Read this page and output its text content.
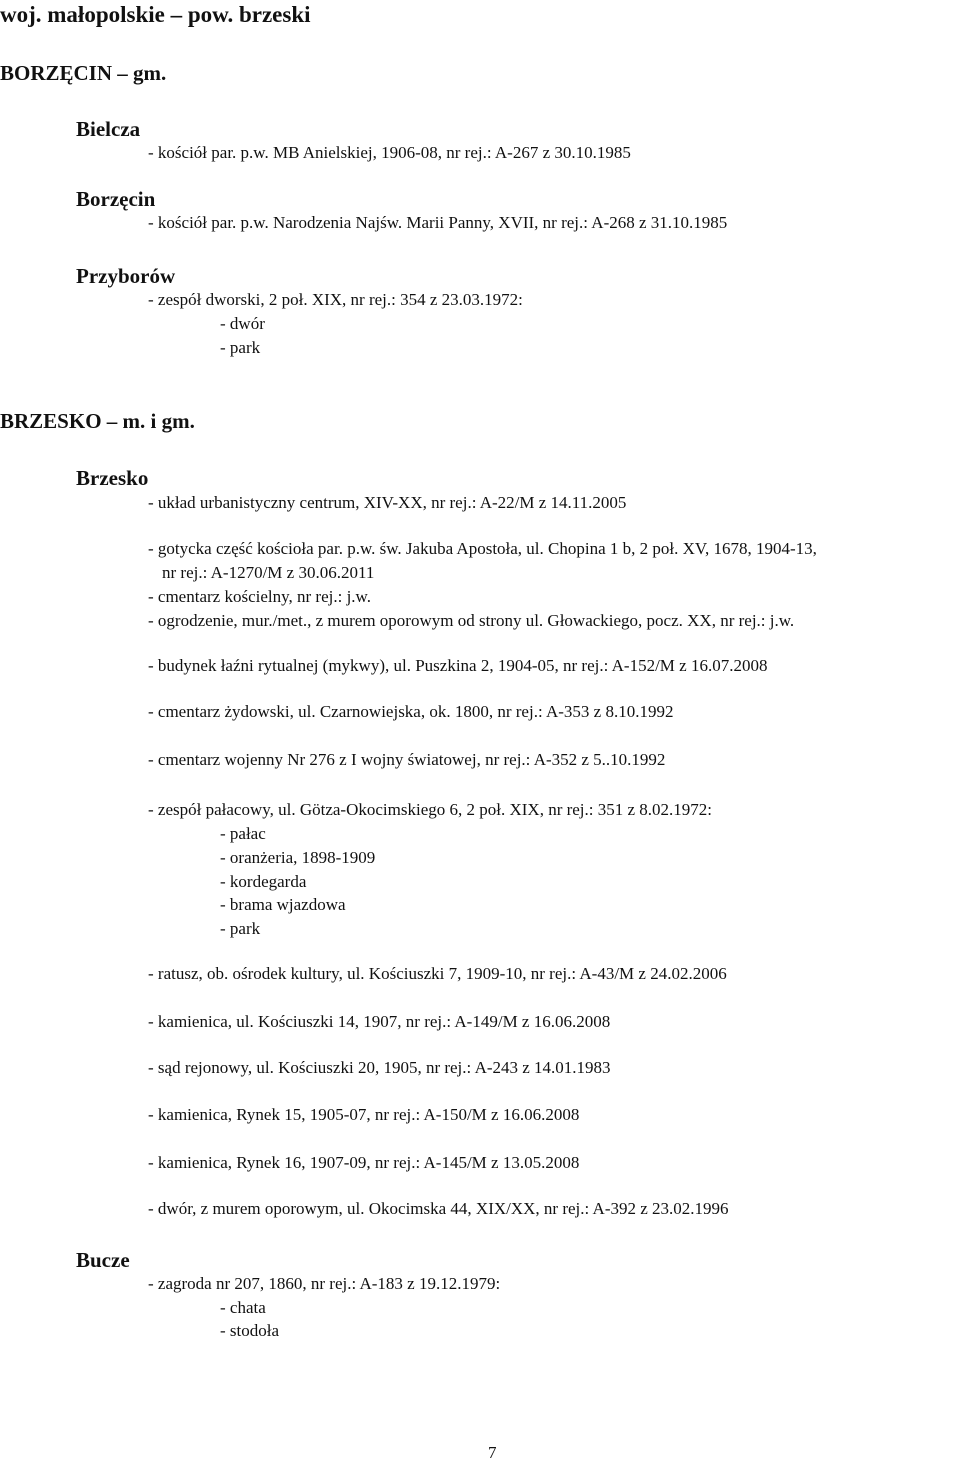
woj. małopolskie – pow. brzeski
BORZĘCIN – gm.
Bielcza
- kościół par. p.w. MB Anielskiej, 1906-08, nr rej.: A-267 z 30.10.1985
Borzęcin
- kościół par. p.w. Narodzenia Najśw. Marii Panny, XVII, nr rej.: A-268 z 31.10.1985
Przyborów
- zespół dworski, 2 poł. XIX, nr rej.: 354 z 23.03.1972:
- dwór
- park
BRZESKO – m. i gm.
Brzesko
- układ urbanistyczny centrum, XIV-XX, nr rej.: A-22/M z 14.11.2005
- gotycka część kościoła par. p.w. św. Jakuba Apostoła, ul. Chopina 1 b, 2 poł. XV, 1678, 1904-13,
nr rej.: A-1270/M z 30.06.2011
- cmentarz kościelny, nr rej.: j.w.
- ogrodzenie, mur./met., z murem oporowym od strony ul. Głowackiego, pocz. XX, nr rej.: j.w.
- budynek łaźni rytualnej (mykwy), ul. Puszkina 2, 1904-05, nr rej.: A-152/M z 16.07.2008
- cmentarz żydowski, ul. Czarnowiejska, ok. 1800, nr rej.: A-353 z 8.10.1992
- cmentarz wojenny Nr 276 z I wojny światowej, nr rej.: A-352 z 5..10.1992
- zespół pałacowy, ul. Götza-Okocimskiego 6, 2 poł. XIX, nr rej.: 351 z 8.02.1972:
- pałac
- oranżeria, 1898-1909
- kordegarda
- brama wjazdowa
- park
- ratusz, ob. ośrodek kultury, ul. Kościuszki 7, 1909-10, nr rej.: A-43/M z 24.02.2006
- kamienica, ul. Kościuszki 14, 1907, nr rej.: A-149/M z 16.06.2008
- sąd rejonowy, ul. Kościuszki 20, 1905, nr rej.: A-243 z 14.01.1983
- kamienica, Rynek 15, 1905-07, nr rej.: A-150/M z 16.06.2008
- kamienica, Rynek 16, 1907-09, nr rej.: A-145/M z 13.05.2008
- dwór, z murem oporowym, ul. Okocimska 44, XIX/XX, nr rej.: A-392 z 23.02.1996
Bucze
- zagroda nr 207, 1860, nr rej.: A-183 z 19.12.1979:
- chata
- stodoła
7
